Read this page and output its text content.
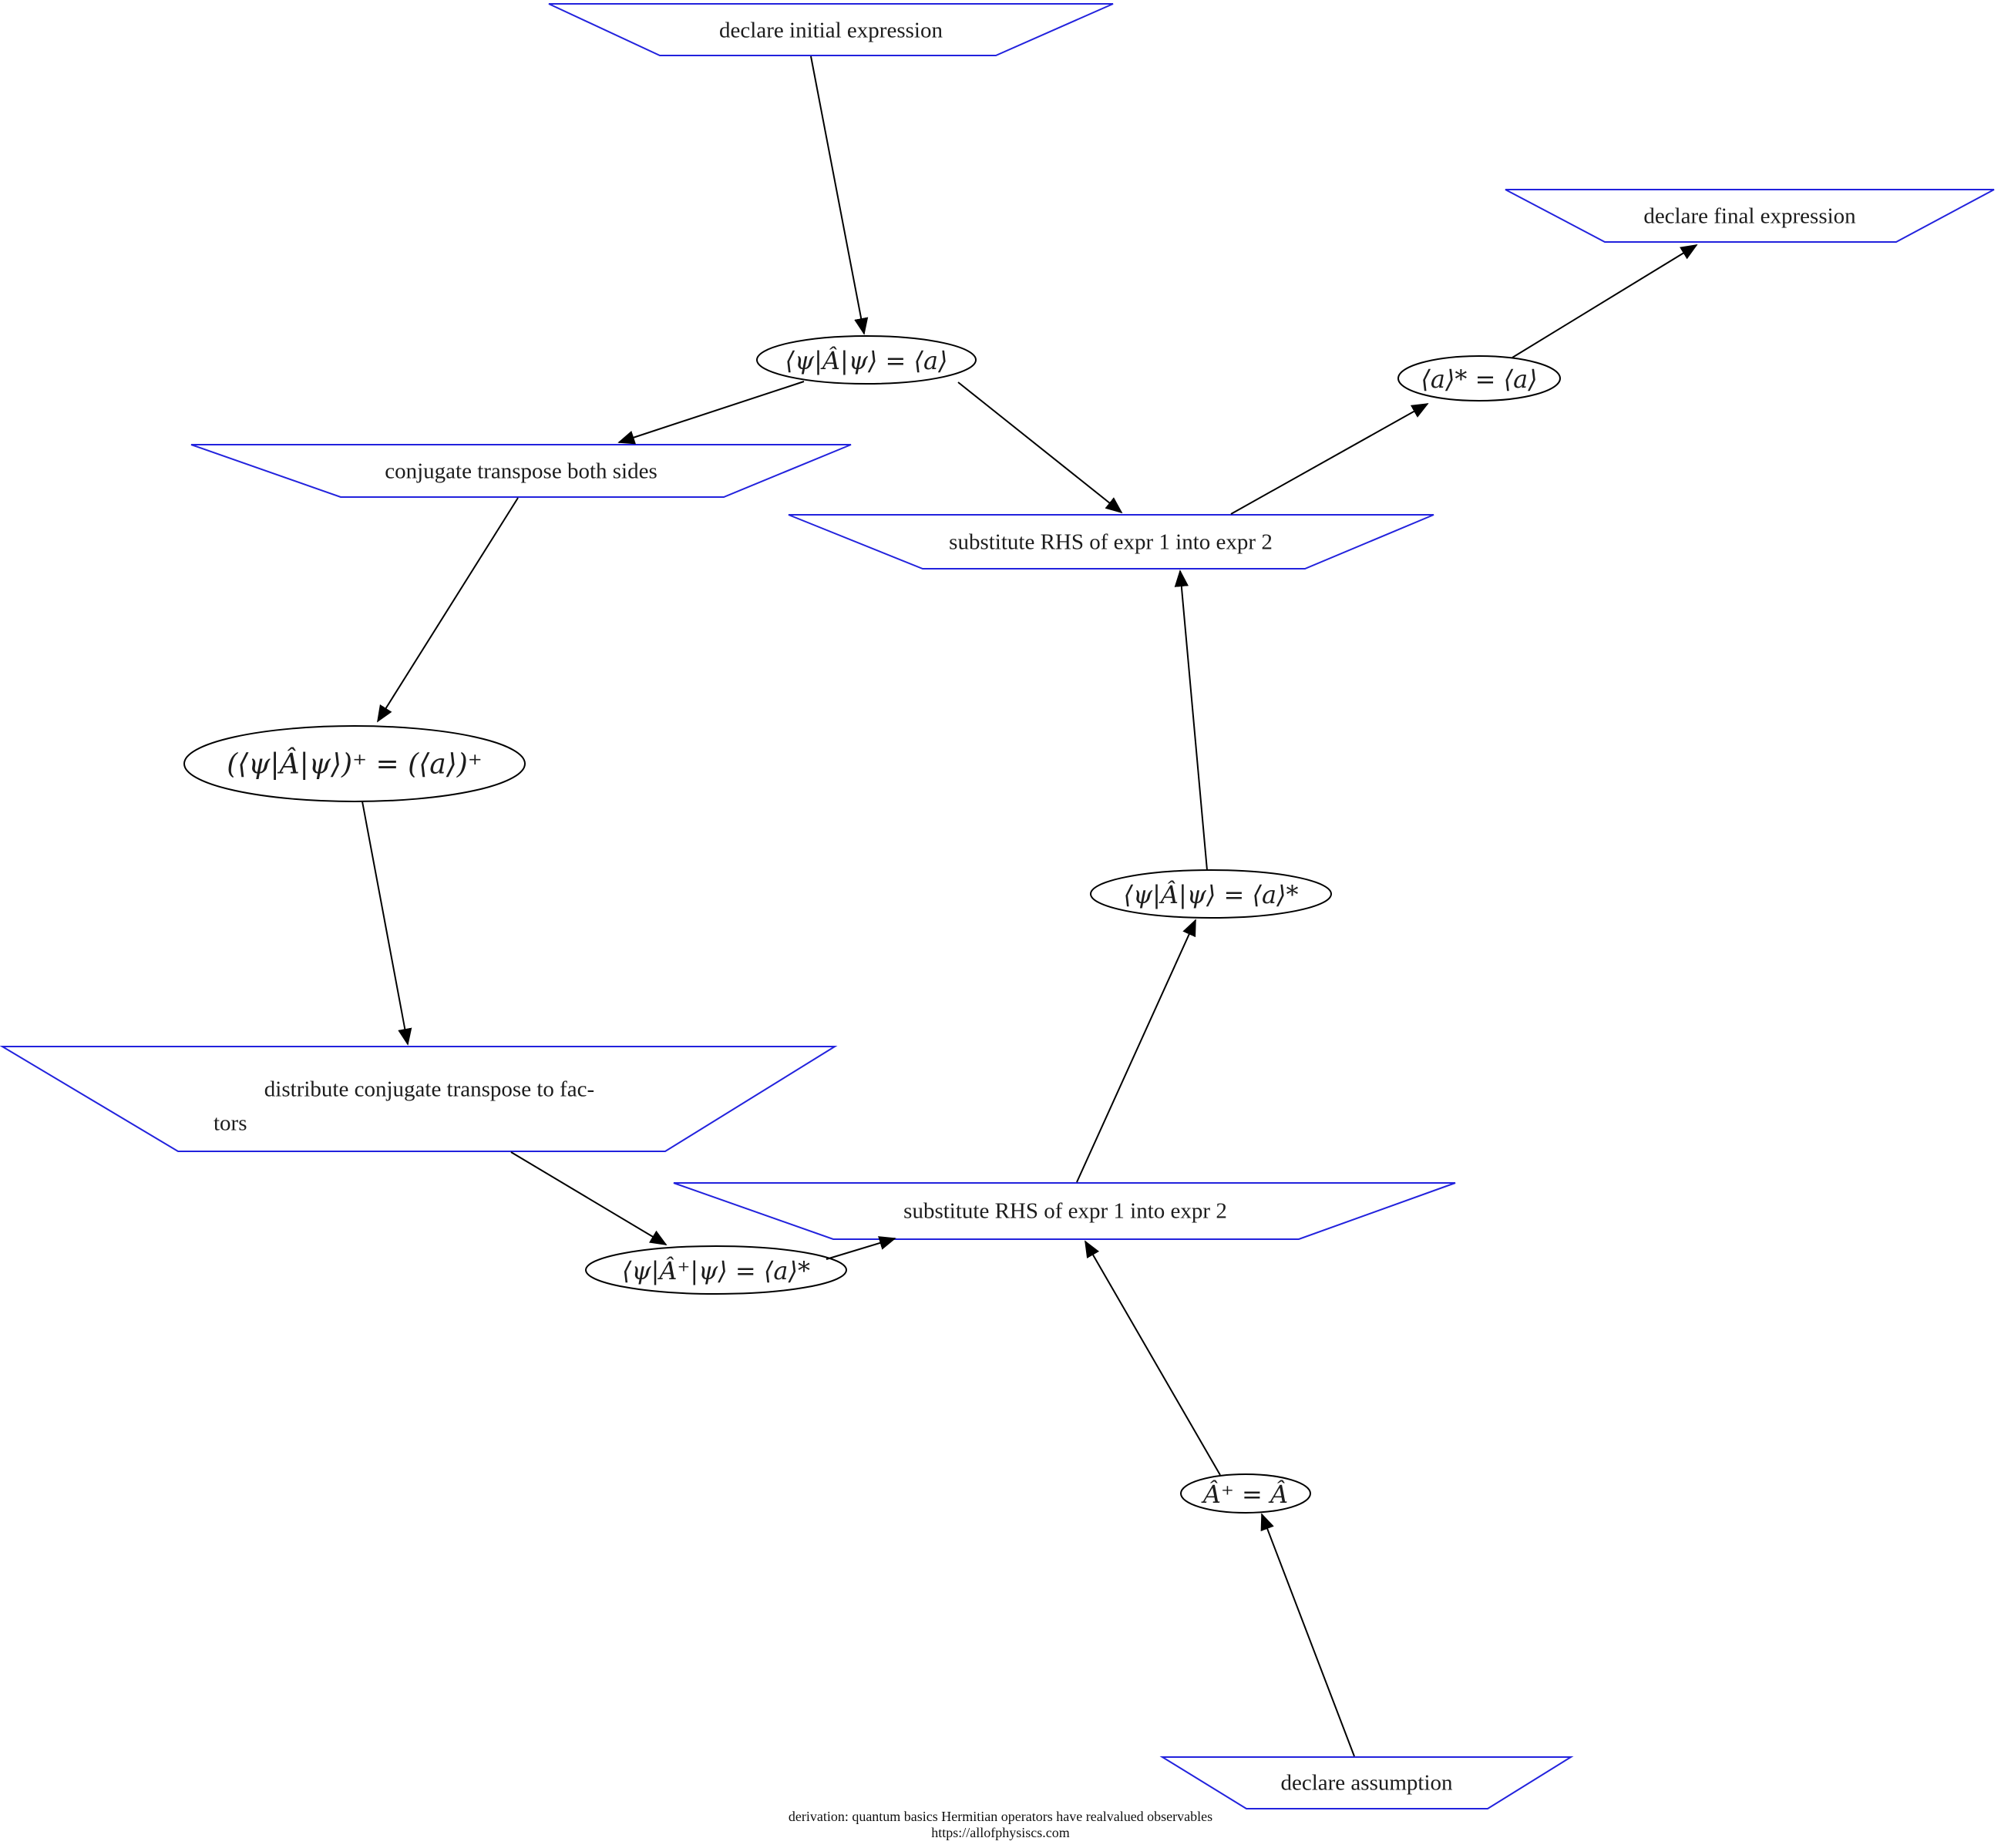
declare initial expression
⟨ψ|Â|ψ⟩ = ⟨a⟩
declare final expression
⟨a⟩* = ⟨a⟩
conjugate transpose both sides
substitute RHS of expr 1 into expr 2
(⟨ψ|Â|ψ⟩)⁺ = (⟨a⟩)⁺
⟨ψ|Â|ψ⟩ = ⟨a⟩*
distribute conjugate transpose to fac-
tors
substitute RHS of expr 1 into expr 2
⟨ψ|Â⁺|ψ⟩ = ⟨a⟩*
Â⁺ = Â
declare assumption
derivation: quantum basics Hermitian operators have realvalued observables
https://allofphysiscs.com
